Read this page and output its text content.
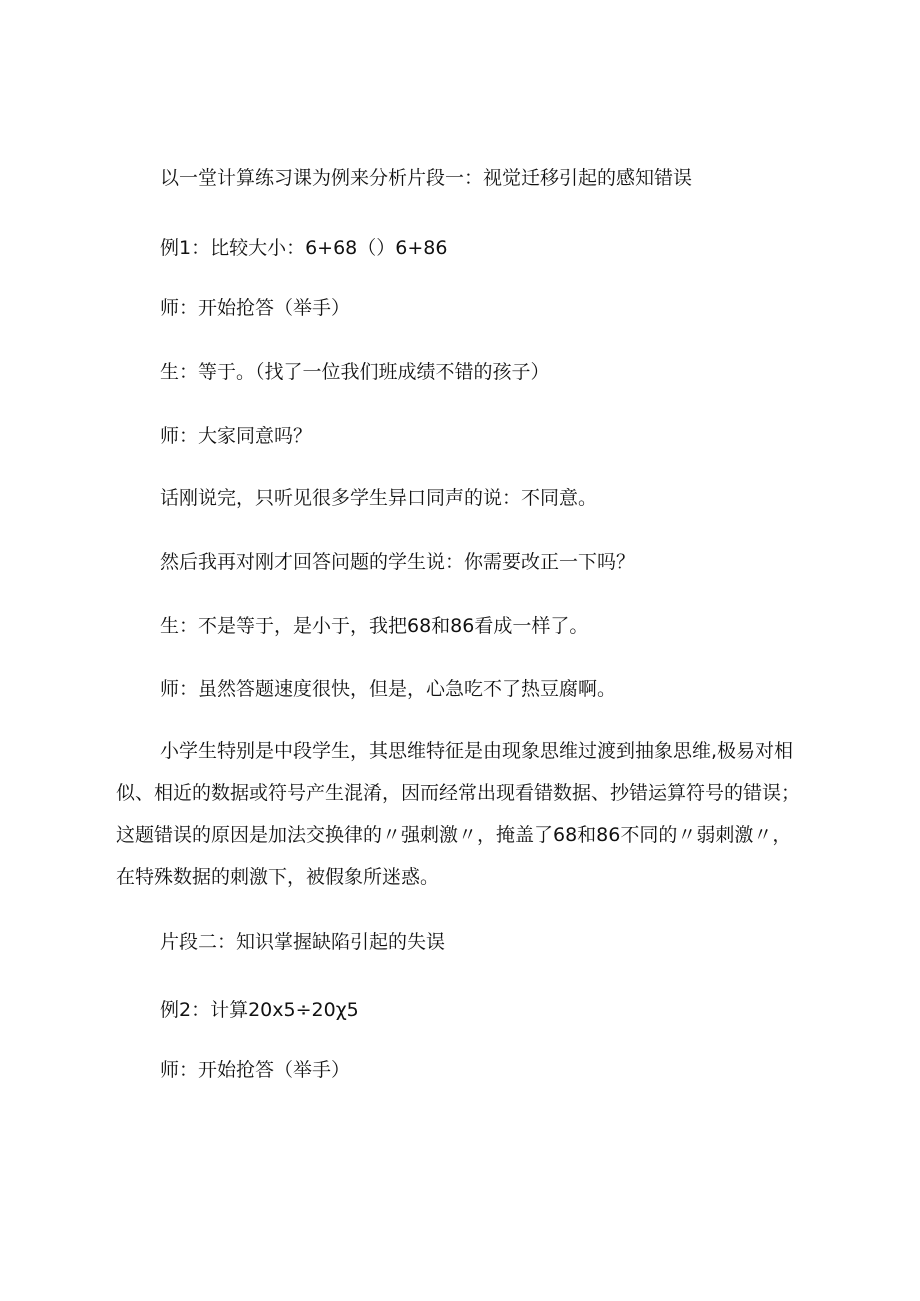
以一堂计算练习课为例来分析片段一：视觉迁移引起的感知错误
例1：比较大小：6+68（）6+86
师：开始抢答（举手）
生：等于。（找了一位我们班成绩不错的孩子）
师：大家同意吗？
话刚说完，只听见很多学生异口同声的说：不同意。
然后我再对刚才回答问题的学生说：你需要改正一下吗？
生：不是等于，是小于，我把68和86看成一样了。
师：虽然答题速度很快，但是，心急吃不了热豆腐啊。
小学生特别是中段学生，其思维特征是由现象思维过渡到抽象思维,极易对相似、相近的数据或符号产生混淆，因而经常出现看错数据、抄错运算符号的错误；这题错误的原因是加法交换律的〃强刺激〃，掩盖了68和86不同的〃弱刺激〃，在特殊数据的刺激下，被假象所迷惑。
片段二：知识掌握缺陷引起的失误
例2：计算20x5÷20χ5
师：开始抢答（举手）
